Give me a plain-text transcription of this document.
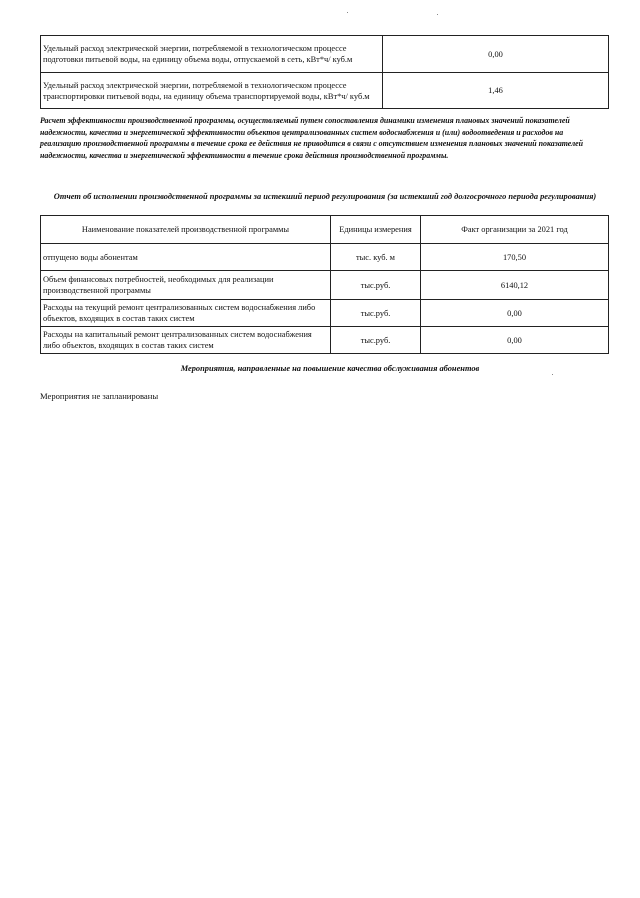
Удельный расход электрической энергии, потребляемой в технологическом процессе подготовки питьевой воды, на единицу объема воды, отпускаемой в сеть, кВт*ч/ куб.м	0,00
Удельный расход электрической энергии, потребляемой в технологическом процессе транспортировки питьевой воды, на единицу объема транспортируемой воды, кВт*ч/ куб.м	1,46
Расчет эффективности производственной программы, осуществляемый путем сопоставления динамики изменения плановых значений показателей надежности, качества и энергетической эффективности объектов централизованных систем водоснабжения и (или) водоотведения и расходов на реализацию производственной программы в течение срока ее действия не приводится в связи с отсутствием изменения плановых значений показателей надежности, качества и энергетической эффективности в течение срока действия производственной программы.
Отчет об исполнении производственной программы за истекший период регулирования (за истекший год долгосрочного периода регулирования)
Наименование показателей производственной программы	Единицы измерения	Факт организации за 2021 год
отпущено воды абонентам	тыс. куб. м	170,50
Объем финансовых потребностей, необходимых для реализации производственной программы	тыс.руб.	6140,12
Расходы на текущий ремонт централизованных систем водоснабжения либо объектов, входящих в состав таких систем	тыс.руб.	0,00
Расходы на капитальный ремонт централизованных систем водоснабжения либо объектов, входящих в состав таких систем	тыс.руб.	0,00
Мероприятия, направленные на повышение качества обслуживания абонентов
Мероприятия не запланированы
